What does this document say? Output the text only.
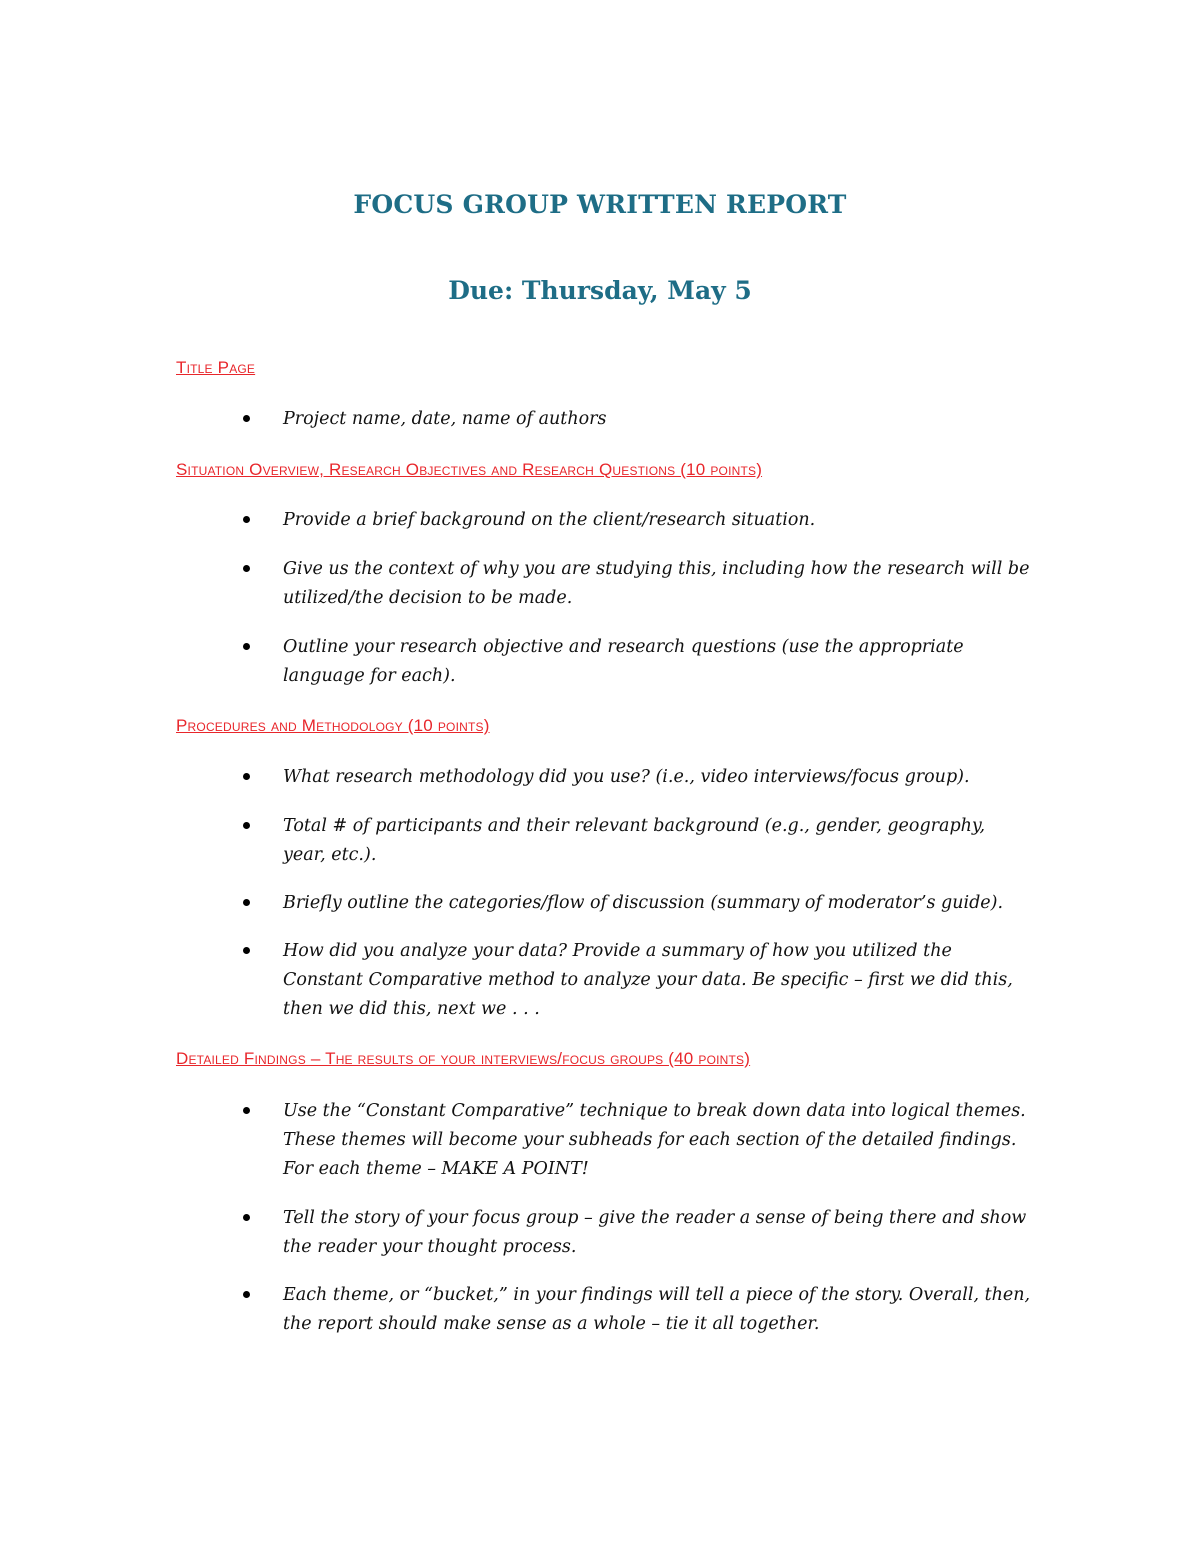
FOCUS GROUP WRITTEN REPORT
Due: Thursday, May 5
Title Page
Project name, date, name of authors
Situation Overview, Research Objectives and Research Questions (10 points)
Provide a brief background on the client/research situation.
Give us the context of why you are studying this, including how the research will be
utilized/the decision to be made.
Outline your research objective and research questions (use the appropriate
language for each).
Procedures and Methodology (10 points)
What research methodology did you use? (i.e., video interviews/focus group).
Total # of participants and their relevant background (e.g., gender, geography,
year, etc.).
Briefly outline the categories/flow of discussion (summary of moderator’s guide).
How did you analyze your data? Provide a summary of how you utilized the
Constant Comparative method to analyze your data. Be specific – first we did this,
then we did this, next we . . .
Detailed Findings – The results of your interviews/focus groups (40 points)
Use the “Constant Comparative” technique to break down data into logical themes.
These themes will become your subheads for each section of the detailed findings.
For each theme – MAKE A POINT!
Tell the story of your focus group – give the reader a sense of being there and show
the reader your thought process.
Each theme, or “bucket,” in your findings will tell a piece of the story. Overall, then,
the report should make sense as a whole – tie it all together.
